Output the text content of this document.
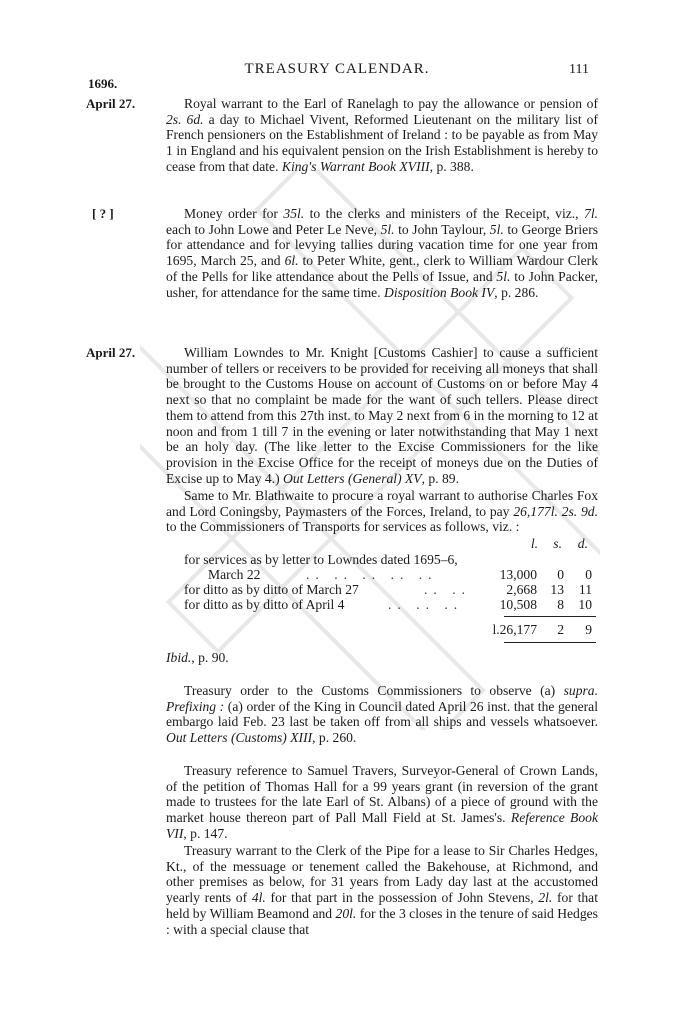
TREASURY CALENDAR.	111
1696.
April 27.	Royal warrant to the Earl of Ranelagh to pay the allowance or pension of 2s. 6d. a day to Michael Vivent, Reformed Lieutenant on the military list of French pensioners on the Establishment of Ireland : to be payable as from May 1 in England and his equivalent pension on the Irish Establishment is hereby to cease from that date. King's Warrant Book XVIII, p. 388.
[ ? ]	Money order for 35l. to the clerks and ministers of the Receipt, viz., 7l. each to John Lowe and Peter Le Neve, 5l. to John Taylour, 5l. to George Briers for attendance and for levying tallies during vacation time for one year from 1695, March 25, and 6l. to Peter White, gent., clerk to William Wardour Clerk of the Pells for like attendance about the Pells of Issue, and 5l. to John Packer, usher, for attendance for the same time. Disposition Book IV, p. 286.
April 27.	William Lowndes to Mr. Knight [Customs Cashier] to cause a sufficient number of tellers or receivers to be provided for receiving all moneys that shall be brought to the Customs House on account of Customs on or before May 4 next so that no complaint be made for the want of such tellers. Please direct them to attend from this 27th inst. to May 2 next from 6 in the morning to 12 at noon and from 1 till 7 in the evening or later notwithstanding that May 1 next be an holy day. (The like letter to the Excise Commissioners for the like provision in the Excise Office for the receipt of moneys due on the Duties of Excise up to May 4.) Out Letters (General) XV, p. 89.
Same to Mr. Blathwaite to procure a royal warrant to authorise Charles Fox and Lord Coningsby, Paymasters of the Forces, Ireland, to pay 26,177l. 2s. 9d. to the Commissioners of Transports for services as follows, viz. :
l. s. d.
for services as by letter to Lowndes dated 1695–6,
March 22	.. .. .. .. ..	13,000	0	0
for ditto as by ditto of March 27	.. ..	2,668 13	11
for ditto as by ditto of April 4	.. .. ..	10,508	8	10
l.26,177	2	9
Ibid., p. 90.
Treasury order to the Customs Commissioners to observe (a) supra. Prefixing : (a) order of the King in Council dated April 26 inst. that the general embargo laid Feb. 23 last be taken off from all ships and vessels whatsoever. Out Letters (Customs) XIII, p. 260.
Treasury reference to Samuel Travers, Surveyor-General of Crown Lands, of the petition of Thomas Hall for a 99 years grant (in reversion of the grant made to trustees for the late Earl of St. Albans) of a piece of ground with the market house thereon part of Pall Mall Field at St. James's. Reference Book VII, p. 147.
Treasury warrant to the Clerk of the Pipe for a lease to Sir Charles Hedges, Kt., of the messuage or tenement called the Bakehouse, at Richmond, and other premises as below, for 31 years from Lady day last at the accustomed yearly rents of 4l. for that part in the possession of John Stevens, 2l. for that held by William Beamond and 20l. for the 3 closes in the tenure of said Hedges : with a special clause that
